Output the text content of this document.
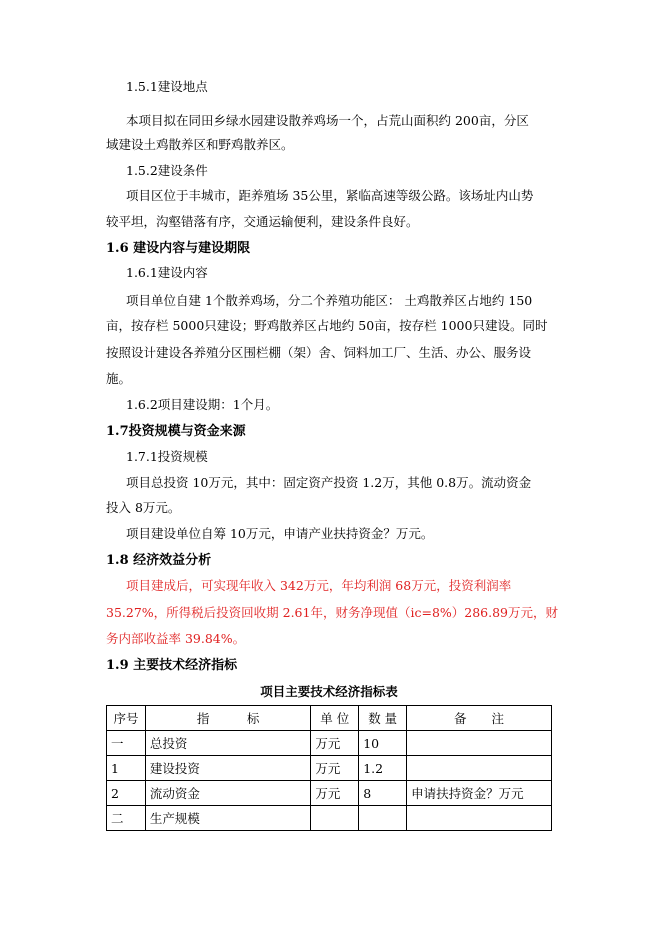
1.5.1建设地点
本项目拟在同田乡绿水园建设散养鸡场一个，占荒山面积约 200亩，分区
域建设土鸡散养区和野鸡散养区。
1.5.2建设条件
项目区位于丰城市，距养殖场 35公里，紧临高速等级公路。该场址内山势
较平坦，沟壑错落有序，交通运输便利，建设条件良好。
1.6 建设内容与建设期限
1.6.1建设内容
项目单位自建 1个散养鸡场，分二个养殖功能区： 土鸡散养区占地约 150
亩，按存栏 5000只建设；野鸡散养区占地约 50亩，按存栏 1000只建设。同时
按照设计建设各养殖分区围栏棚（架）舍、饲料加工厂、生活、办公、服务设
施。
1.6.2项目建设期：1个月。
1.7投资规模与资金来源
1.7.1投资规模
项目总投资 10万元，其中：固定资产投资 1.2万，其他 0.8万。流动资金
投入 8万元。
项目建设单位自筹 10万元，申请产业扶持资金？万元。
1.8 经济效益分析
项目建成后，可实现年收入 342万元，年均利润 68万元，投资利润率
35.27%，所得税后投资回收期 2.61年，财务净现值（ic=8%）286.89万元，财
务内部收益率 39.84%。
1.9 主要技术经济指标
项目主要技术经济指标表
序号	指　　　标	单 位	数 量	备　　注
一	总投资	万元	10	
1	建设投资	万元	1.2	
2	流动资金	万元	8	申请扶持资金？万元
二	生产规模			
